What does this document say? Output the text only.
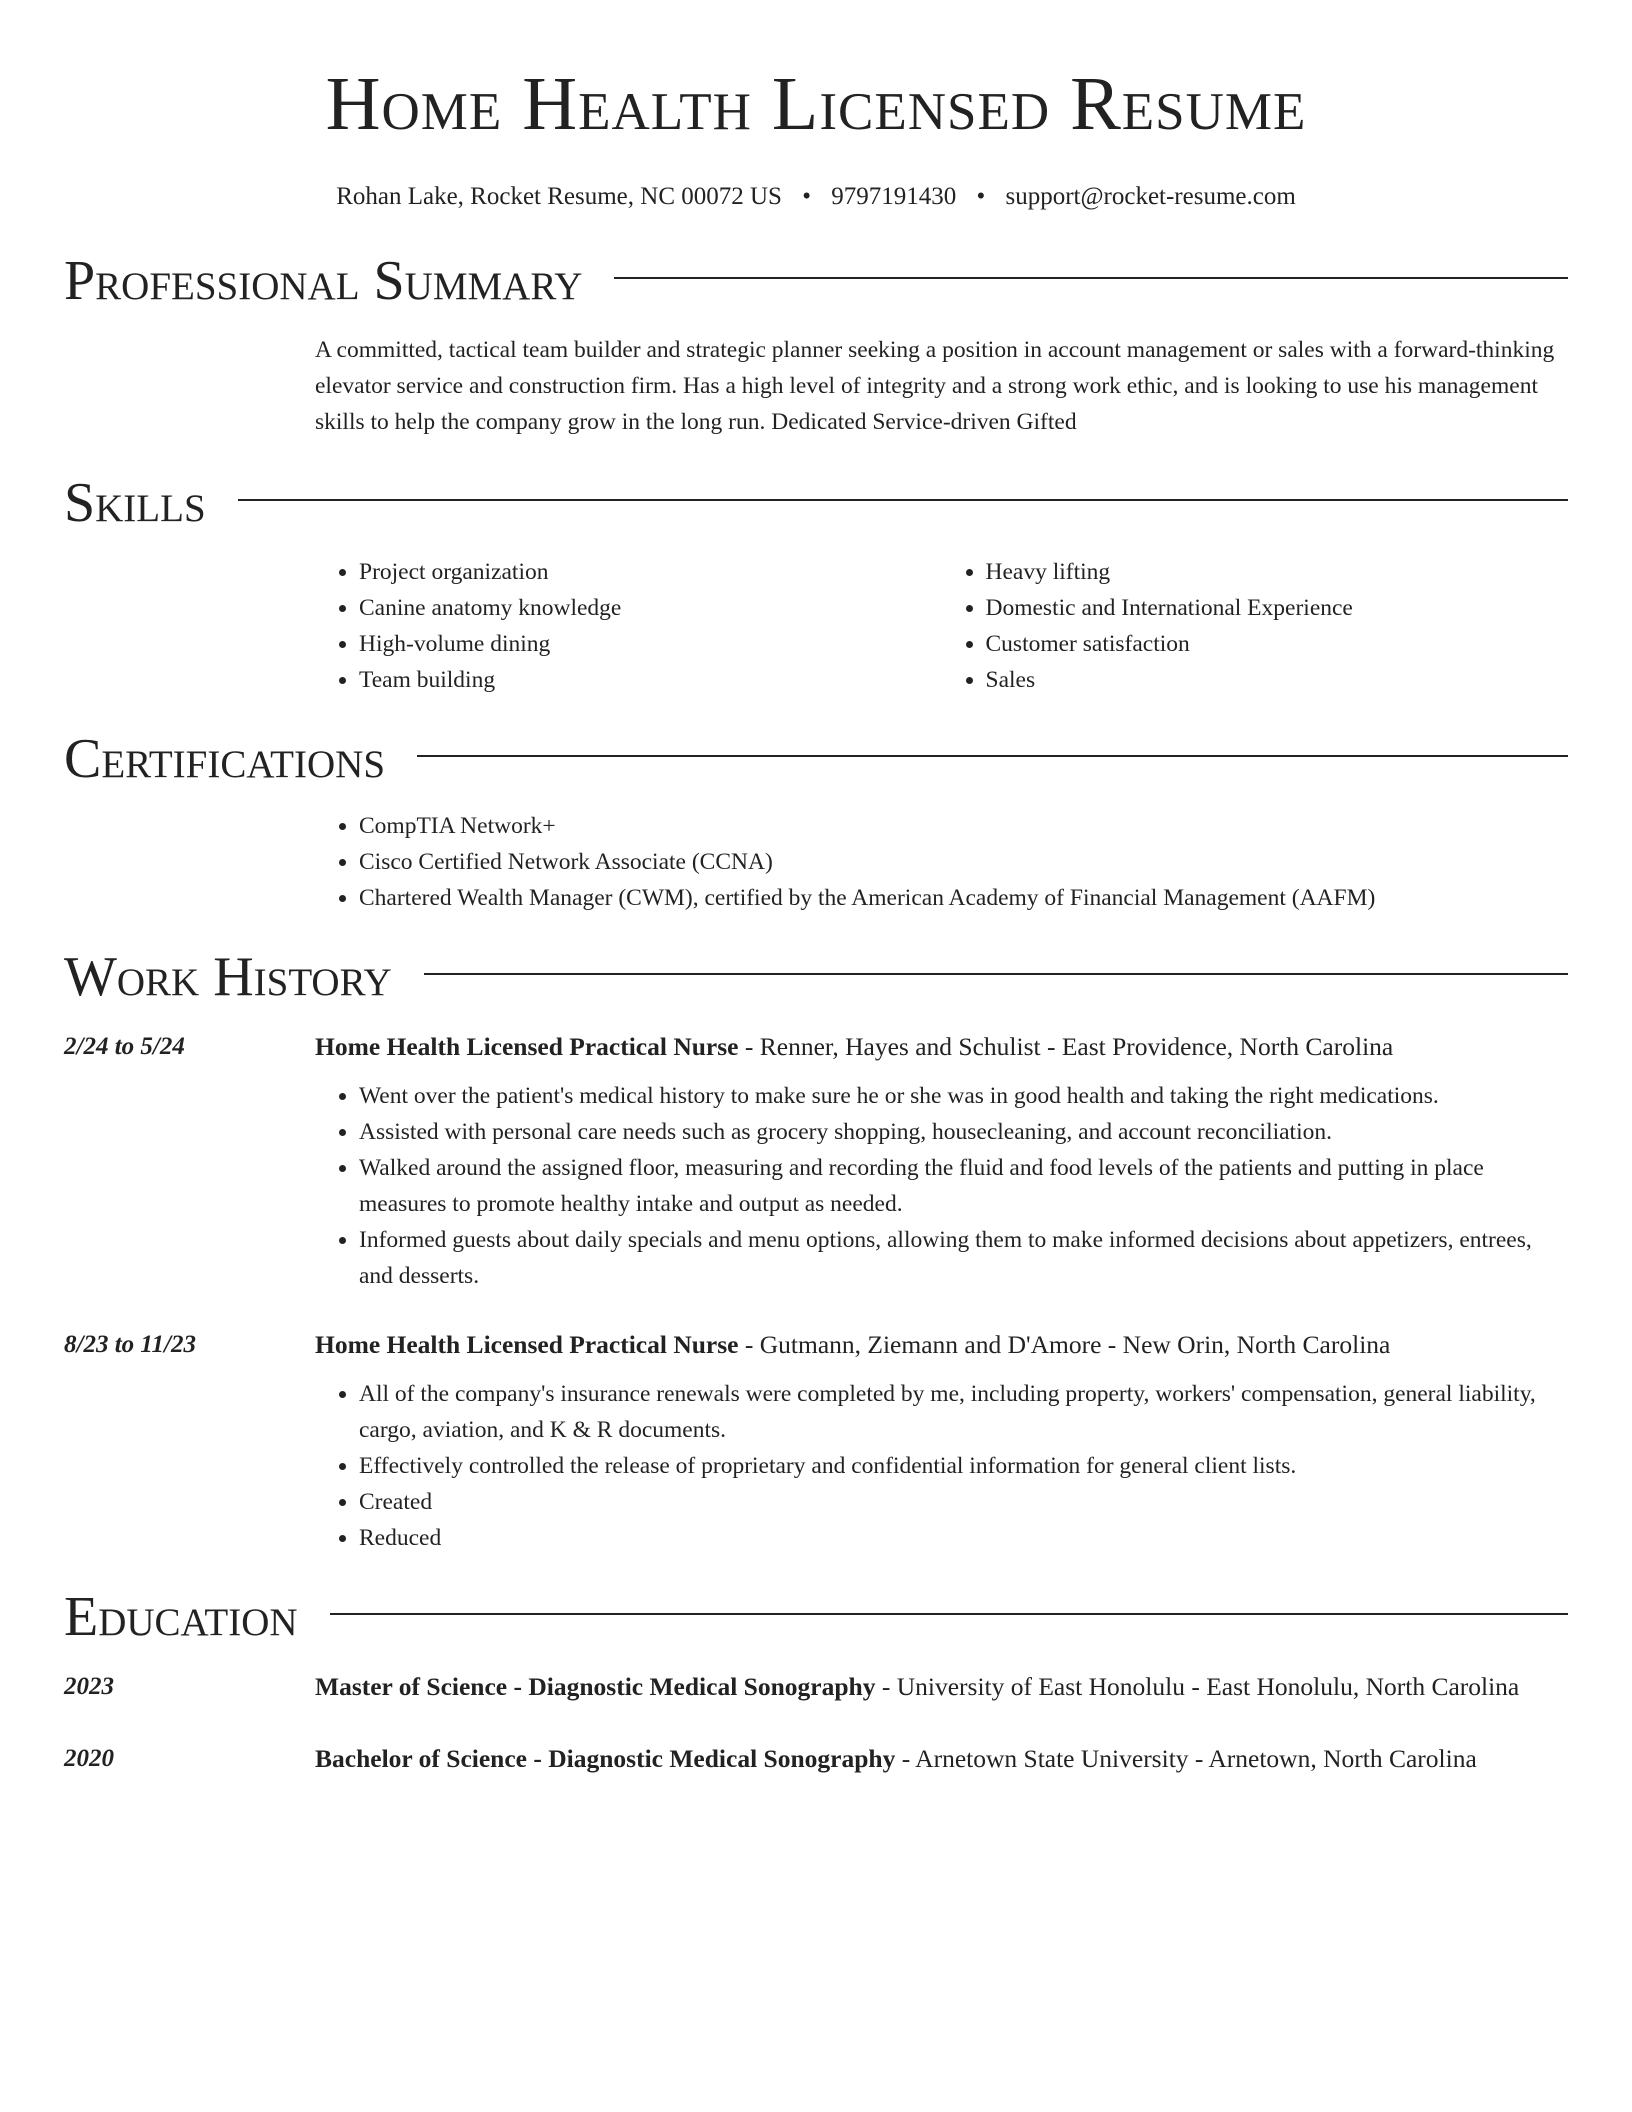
Home Health Licensed Resume
Rohan Lake, Rocket Resume, NC 00072 US • 9797191430 • support@rocket-resume.com
Professional Summary

A committed, tactical team builder and strategic planner seeking a position in account management or sales with a forward-thinking elevator service and construction firm. Has a high level of integrity and a strong work ethic, and is looking to use his management skills to help the company grow in the long run. Dedicated Service-driven Gifted

Skills
• Project organization
• Canine anatomy knowledge
• High-volume dining
• Team building
• Heavy lifting
• Domestic and International Experience
• Customer satisfaction
• Sales
Certifications
• CompTIA Network+
• Cisco Certified Network Associate (CCNA)
• Chartered Wealth Manager (CWM), certified by the American Academy of Financial Management (AAFM)
Work History
2/24 to 5/24	Home Health Licensed Practical Nurse - Renner, Hayes and Schulist - East Providence, North Carolina

• Went over the patient's medical history to make sure he or she was in good health and taking the right medications.
• Assisted with personal care needs such as grocery shopping, housecleaning, and account reconciliation.
• Walked around the assigned floor, measuring and recording the fluid and food levels of the patients and putting in place measures to promote healthy intake and output as needed.
• Informed guests about daily specials and menu options, allowing them to make informed decisions about appetizers, entrees, and desserts.
8/23 to 11/23	Home Health Licensed Practical Nurse - Gutmann, Ziemann and D'Amore - New Orin, North Carolina

• All of the company's insurance renewals were completed by me, including property, workers' compensation, general liability, cargo, aviation, and K & R documents.
• Effectively controlled the release of proprietary and confidential information for general client lists.
• Created
• Reduced
Education
2023	Master of Science - Diagnostic Medical Sonography - University of East Honolulu - East Honolulu, North Carolina

2020	Bachelor of Science - Diagnostic Medical Sonography - Arnetown State University - Arnetown, North Carolina
